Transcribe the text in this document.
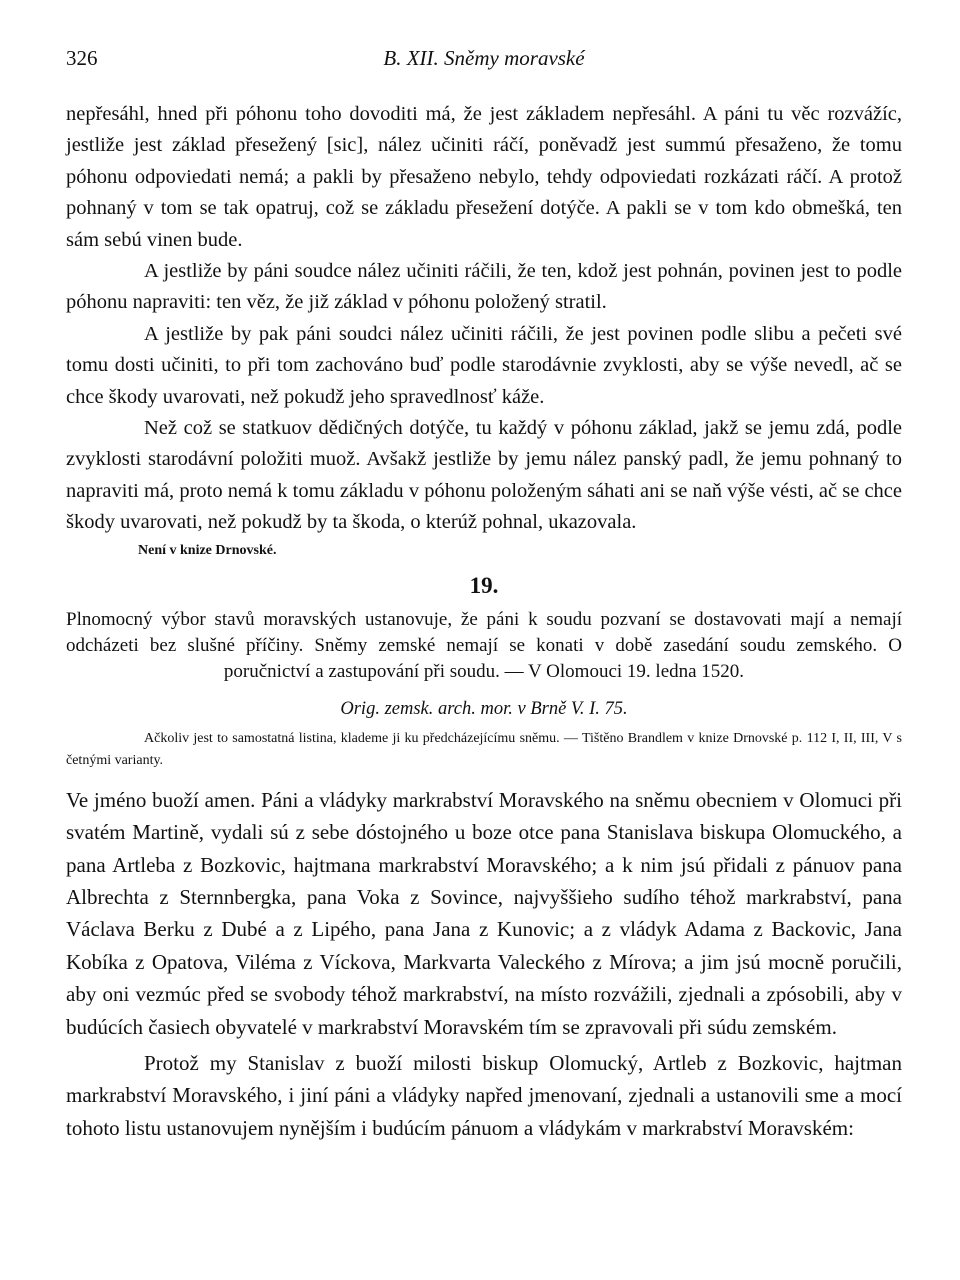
326	B. XII. Sněmy moravské

nepřesáhl, hned při póhonu toho dovoditi má, že jest základem nepřesáhl. A páni tu věc rozvážíc, jestliže jest základ přesežený [sic], nález učiniti ráčí, poněvadž jest summú přesaženo, že tomu póhonu odpoviedati nemá; a pakli by přesaženo nebylo, tehdy odpoviedati rozkázati ráčí. A protož pohnaný v tom se tak opatruj, což se základu přesežení dotýče. A pakli se v tom kdo obmešká, ten sám sebú vinen bude.

A jestliže by páni soudce nález učiniti ráčili, že ten, kdož jest pohnán, povinen jest to podle póhonu napraviti: ten věz, že již základ v póhonu položený stratil.

A jestliže by pak páni soudci nález učiniti ráčili, že jest povinen podle slibu a pečeti své tomu dosti učiniti, to při tom zachováno buď podle starodávnie zvyklosti, aby se výše nevedl, ač se chce škody uvarovati, než pokudž jeho spravedlnosť káže.

Než což se statkuov dědičných dotýče, tu každý v póhonu základ, jakž se jemu zdá, podle zvyklosti starodávní položiti muož. Avšakž jestliže by jemu nález panský padl, že jemu pohnaný to napraviti má, proto nemá k tomu základu v póhonu položeným sáhati ani se naň výše vésti, ač se chce škody uvarovati, než pokudž by ta škoda, o kterúž pohnal, ukazovala.

Není v knize Drnovské.

19.

Plnomocný výbor stavů moravských ustanovuje, že páni k soudu pozvaní se dostavovati mají a nemají odcházeti bez slušné příčiny. Sněmy zemské nemají se konati v době zasedání soudu zemského. O poručnictví a zastupování při soudu. — V Olomouci 19. ledna 1520.

Orig. zemsk. arch. mor. v Brně V. I. 75.

Ačkoliv jest to samostatná listina, klademe ji ku předcházejícímu sněmu. — Tištěno Brandlem v knize Drnovské p. 112 I, II, III, V s četnými varianty.

Ve jméno buoží amen. Páni a vládyky markrabství Moravského na sněmu obecniem v Olomuci při svatém Martině, vydali sú z sebe dóstojného u boze otce pana Stanislava biskupa Olomuckého, a pana Artleba z Bozkovic, hajtmana markrabství Moravského; a k nim jsú přidali z pánuov pana Albrechta z Sternnbergka, pana Voka z Sovince, najvyššieho sudího téhož markrabství, pana Václava Berku z Dubé a z Lipého, pana Jana z Kunovic; a z vládyk Adama z Backovic, Jana Kobíka z Opatova, Viléma z Víckova, Markvarta Valeckého z Mírova; a jim jsú mocně poručili, aby oni vezmúc před se svobody téhož markrabství, na místo rozvážili, zjednali a zpósobili, aby v budúcích časiech obyvatelé v markrabství Moravském tím se zpravovali při súdu zemském.

Protož my Stanislav z buoží milosti biskup Olomucký, Artleb z Bozkovic, hajtman markrabství Moravského, i jiní páni a vládyky napřed jmenovaní, zjednali a ustanovili sme a mocí tohoto listu ustanovujem nynějším i budúcím pánuom a vládykám v markrabství Moravském:
